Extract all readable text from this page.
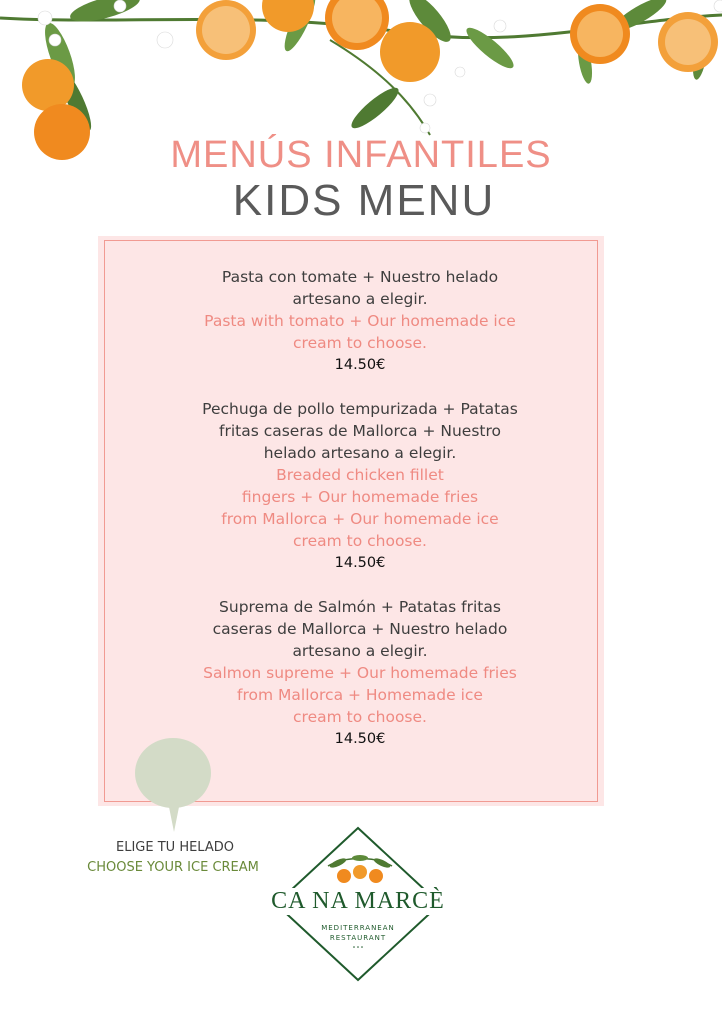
MENÚS INFANTILES
KIDS MENU
Pasta con tomate + Nuestro helado
artesano a elegir.
Pasta with tomato + Our homemade ice
cream to choose.
14.50€
Pechuga de pollo tempurizada + Patatas
fritas caseras de Mallorca + Nuestro
helado artesano a elegir.
Breaded chicken fillet
fingers + Our homemade fries
from Mallorca + Our homemade ice
cream to choose.
14.50€
Suprema de Salmón + Patatas fritas
caseras de Mallorca + Nuestro helado
artesano a elegir.
Salmon supreme + Our homemade fries
from Mallorca + Homemade ice
cream to choose.
14.50€
ELIGE TU HELADO
CHOOSE YOUR ICE CREAM
CA NA MARCÈ
MEDITERRANEAN
RESTAURANT
